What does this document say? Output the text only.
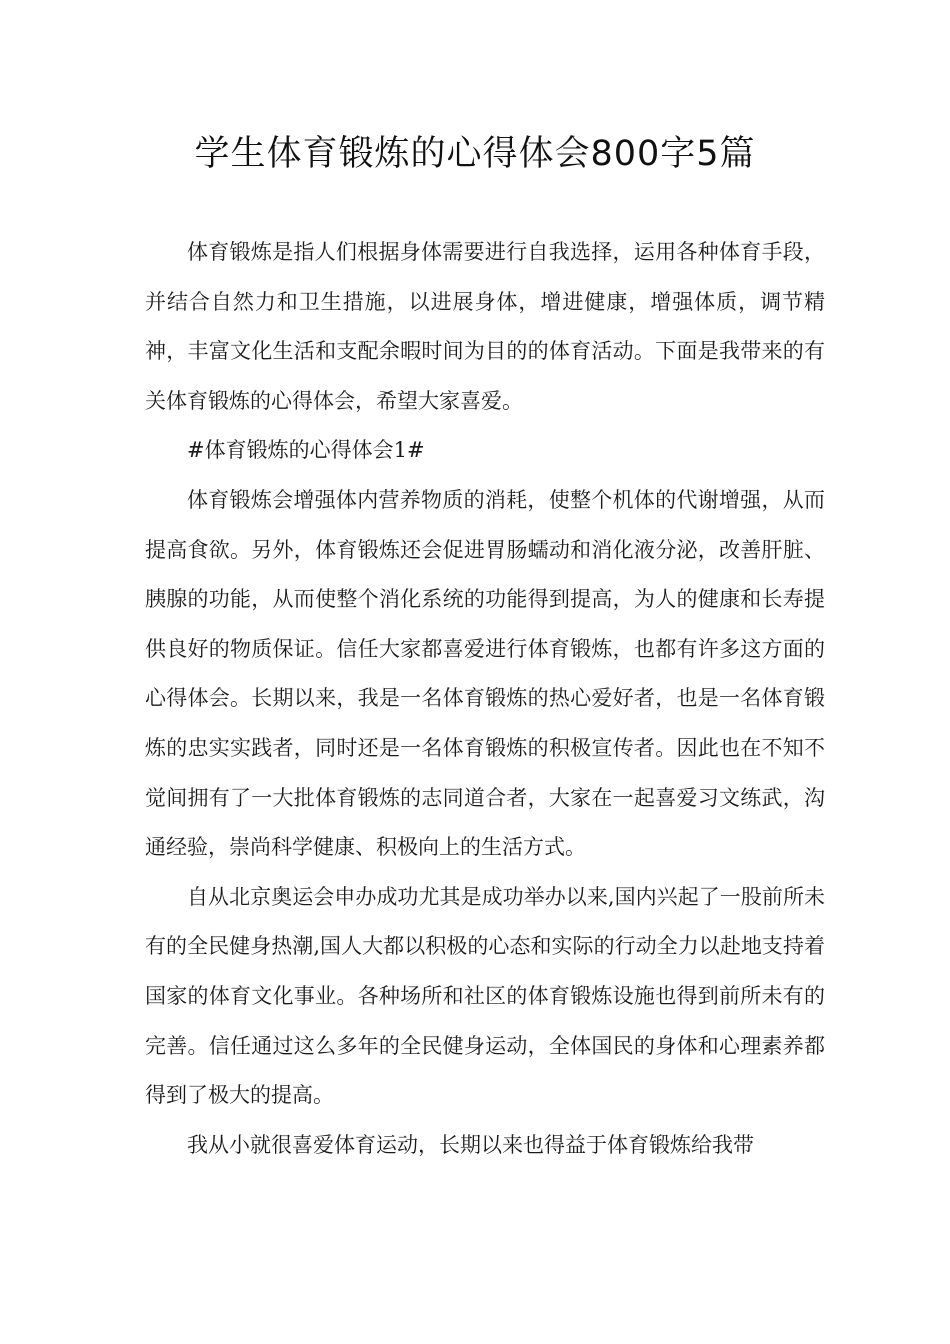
学生体育锻炼的心得体会800字5篇

体育锻炼是指人们根据身体需要进行自我选择，运用各种体育手段，并结合自然力和卫生措施，以进展身体，增进健康，增强体质，调节精神，丰富文化生活和支配余暇时间为目的的体育活动。下面是我带来的有关体育锻炼的心得体会，希望大家喜爱。

#体育锻炼的心得体会1#

体育锻炼会增强体内营养物质的消耗，使整个机体的代谢增强，从而提高食欲。另外，体育锻炼还会促进胃肠蠕动和消化液分泌，改善肝脏、胰腺的功能，从而使整个消化系统的功能得到提高，为人的健康和长寿提供良好的物质保证。信任大家都喜爱进行体育锻炼，也都有许多这方面的心得体会。长期以来，我是一名体育锻炼的热心爱好者，也是一名体育锻炼的忠实实践者，同时还是一名体育锻炼的积极宣传者。因此也在不知不觉间拥有了一大批体育锻炼的志同道合者，大家在一起喜爱习文练武，沟通经验，崇尚科学健康、积极向上的生活方式。

自从北京奥运会申办成功尤其是成功举办以来,国内兴起了一股前所未有的全民健身热潮,国人大都以积极的心态和实际的行动全力以赴地支持着国家的体育文化事业。各种场所和社区的体育锻炼设施也得到前所未有的完善。信任通过这么多年的全民健身运动，全体国民的身体和心理素养都得到了极大的提高。

我从小就很喜爱体育运动，长期以来也得益于体育锻炼给我带
